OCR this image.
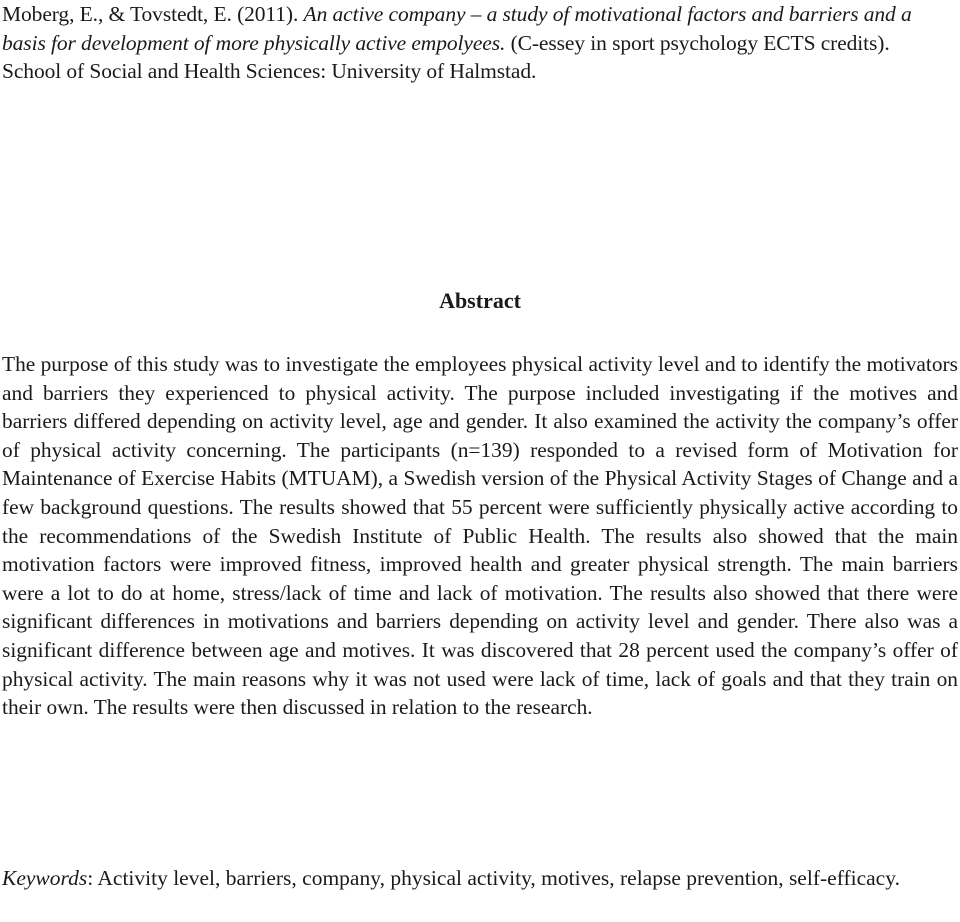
Moberg, E., & Tovstedt, E. (2011). An active company – a study of motivational factors and barriers and a basis for development of more physically active empolyees. (C-essey in sport psychology ECTS credits). School of Social and Health Sciences: University of Halmstad.
Abstract

The purpose of this study was to investigate the employees physical activity level and to identify the motivators and barriers they experienced to physical activity. The purpose included investigating if the motives and barriers differed depending on activity level, age and gender. It also examined the activity the company’s offer of physical activity concerning. The participants (n=139) responded to a revised form of Motivation for Maintenance of Exercise Habits (MTUAM), a Swedish version of the Physical Activity Stages of Change and a few background questions. The results showed that 55 percent were sufficiently physically active according to the recommendations of the Swedish Institute of Public Health. The results also showed that the main motivation factors were improved fitness, improved health and greater physical strength. The main barriers were a lot to do at home, stress/lack of time and lack of motivation. The results also showed that there were significant differences in motivations and barriers depending on activity level and gender. There also was a significant difference between age and motives. It was discovered that 28 percent used the company’s offer of physical activity. The main reasons why it was not used were lack of time, lack of goals and that they train on their own. The results were then discussed in relation to the research.

Keywords: Activity level, barriers, company, physical activity, motives, relapse prevention, self-efficacy.
